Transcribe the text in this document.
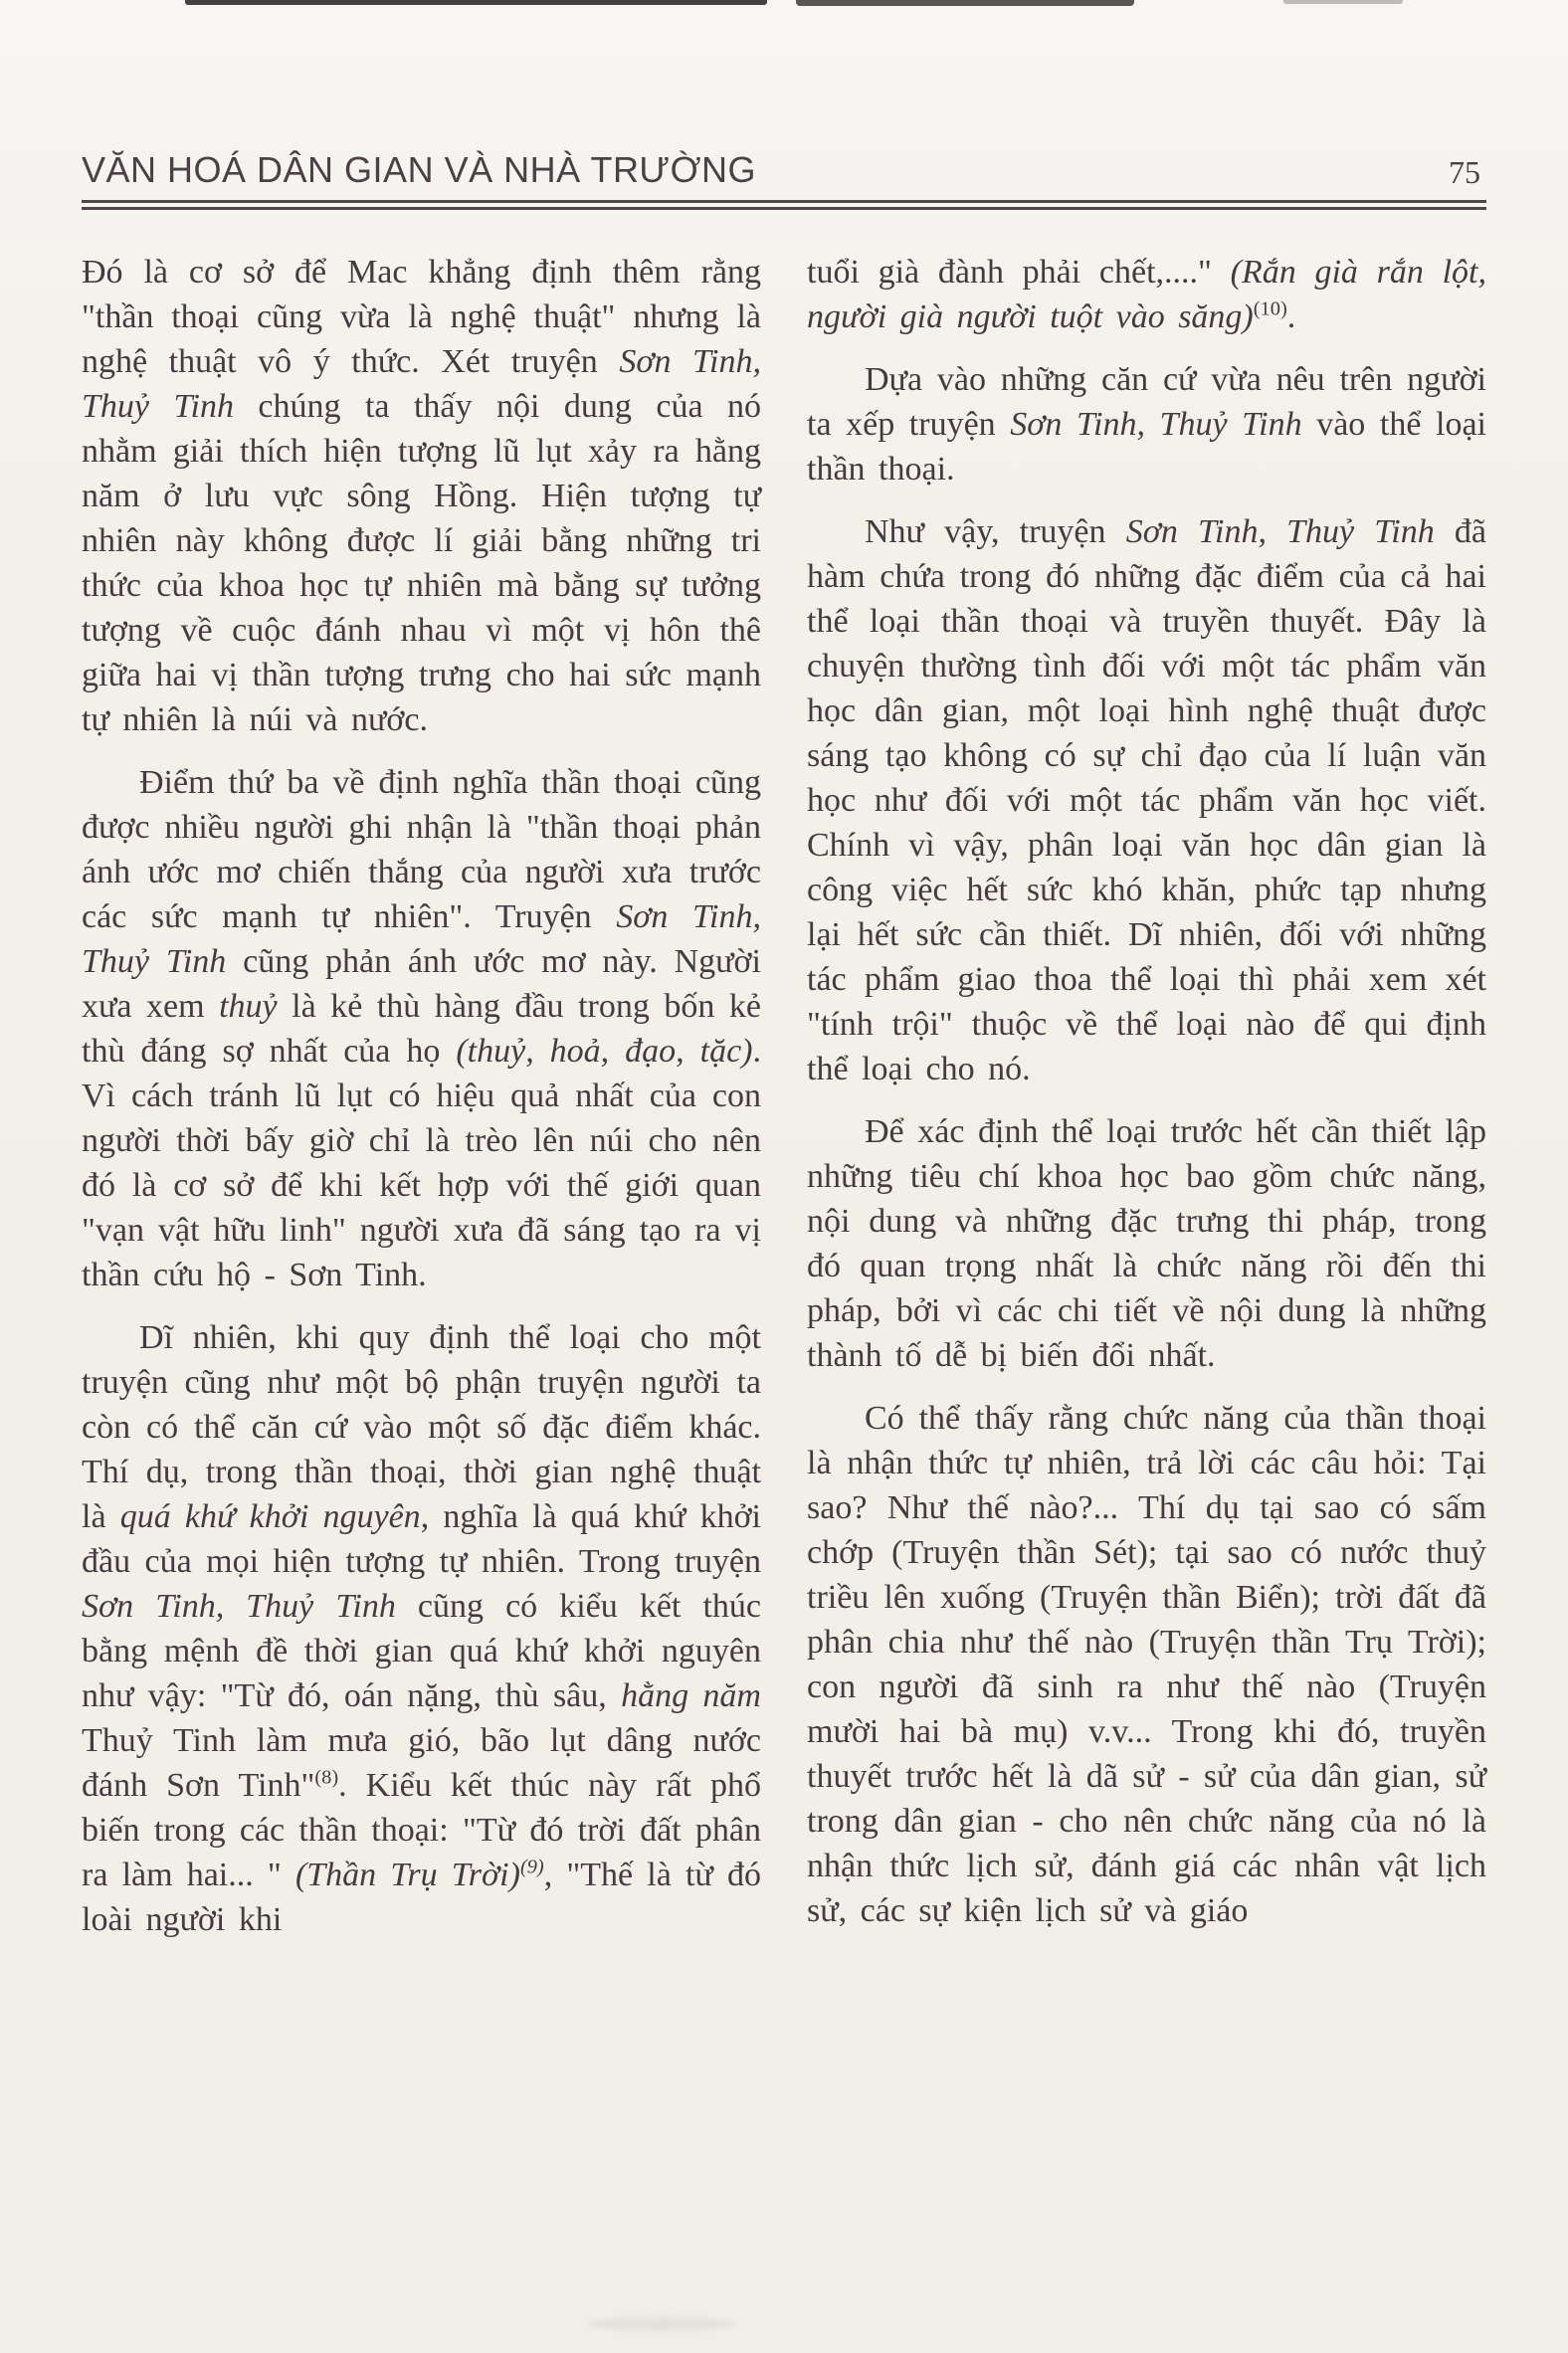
VĂN HOÁ DÂN GIAN VÀ NHÀ TRƯỜNG	75

Đó là cơ sở để Mac khẳng định thêm rằng "thần thoại cũng vừa là nghệ thuật" nhưng là nghệ thuật vô ý thức. Xét truyện Sơn Tinh, Thuỷ Tinh chúng ta thấy nội dung của nó nhằm giải thích hiện tượng lũ lụt xảy ra hằng năm ở lưu vực sông Hồng. Hiện tượng tự nhiên này không được lí giải bằng những tri thức của khoa học tự nhiên mà bằng sự tưởng tượng về cuộc đánh nhau vì một vị hôn thê giữa hai vị thần tượng trưng cho hai sức mạnh tự nhiên là núi và nước.

Điểm thứ ba về định nghĩa thần thoại cũng được nhiều người ghi nhận là "thần thoại phản ánh ước mơ chiến thắng của người xưa trước các sức mạnh tự nhiên". Truyện Sơn Tinh, Thuỷ Tinh cũng phản ánh ước mơ này. Người xưa xem thuỷ là kẻ thù hàng đầu trong bốn kẻ thù đáng sợ nhất của họ (thuỷ, hoả, đạo, tặc). Vì cách tránh lũ lụt có hiệu quả nhất của con người thời bấy giờ chỉ là trèo lên núi cho nên đó là cơ sở để khi kết hợp với thế giới quan "vạn vật hữu linh" người xưa đã sáng tạo ra vị thần cứu hộ - Sơn Tinh.

Dĩ nhiên, khi quy định thể loại cho một truyện cũng như một bộ phận truyện người ta còn có thể căn cứ vào một số đặc điểm khác. Thí dụ, trong thần thoại, thời gian nghệ thuật là quá khứ khởi nguyên, nghĩa là quá khứ khởi đầu của mọi hiện tượng tự nhiên. Trong truyện Sơn Tinh, Thuỷ Tinh cũng có kiểu kết thúc bằng mệnh đề thời gian quá khứ khởi nguyên như vậy: "Từ đó, oán nặng, thù sâu, hằng năm Thuỷ Tinh làm mưa gió, bão lụt dâng nước đánh Sơn Tinh"$^{(8)}$. Kiểu kết thúc này rất phổ biến trong các thần thoại: "Từ đó trời đất phân ra làm hai... " (Thần Trụ Trời)$^{(9)}$, "Thế là từ đó loài người khi

tuổi già đành phải chết,...." (Rắn già rắn lột, người già người tuột vào săng)$^{(10)}$.

Dựa vào những căn cứ vừa nêu trên người ta xếp truyện Sơn Tinh, Thuỷ Tinh vào thể loại thần thoại.

Như vậy, truyện Sơn Tinh, Thuỷ Tinh đã hàm chứa trong đó những đặc điểm của cả hai thể loại thần thoại và truyền thuyết. Đây là chuyện thường tình đối với một tác phẩm văn học dân gian, một loại hình nghệ thuật được sáng tạo không có sự chỉ đạo của lí luận văn học như đối với một tác phẩm văn học viết. Chính vì vậy, phân loại văn học dân gian là công việc hết sức khó khăn, phức tạp nhưng lại hết sức cần thiết. Dĩ nhiên, đối với những tác phẩm giao thoa thể loại thì phải xem xét "tính trội" thuộc về thể loại nào để qui định thể loại cho nó.

Để xác định thể loại trước hết cần thiết lập những tiêu chí khoa học bao gồm chức năng, nội dung và những đặc trưng thi pháp, trong đó quan trọng nhất là chức năng rồi đến thi pháp, bởi vì các chi tiết về nội dung là những thành tố dễ bị biến đổi nhất.

Có thể thấy rằng chức năng của thần thoại là nhận thức tự nhiên, trả lời các câu hỏi: Tại sao? Như thế nào?... Thí dụ tại sao có sấm chớp (Truyện thần Sét); tại sao có nước thuỷ triều lên xuống (Truyện thần Biển); trời đất đã phân chia như thế nào (Truyện thần Trụ Trời); con người đã sinh ra như thế nào (Truyện mười hai bà mụ) v.v... Trong khi đó, truyền thuyết trước hết là dã sử - sử của dân gian, sử trong dân gian - cho nên chức năng của nó là nhận thức lịch sử, đánh giá các nhân vật lịch sử, các sự kiện lịch sử và giáo
